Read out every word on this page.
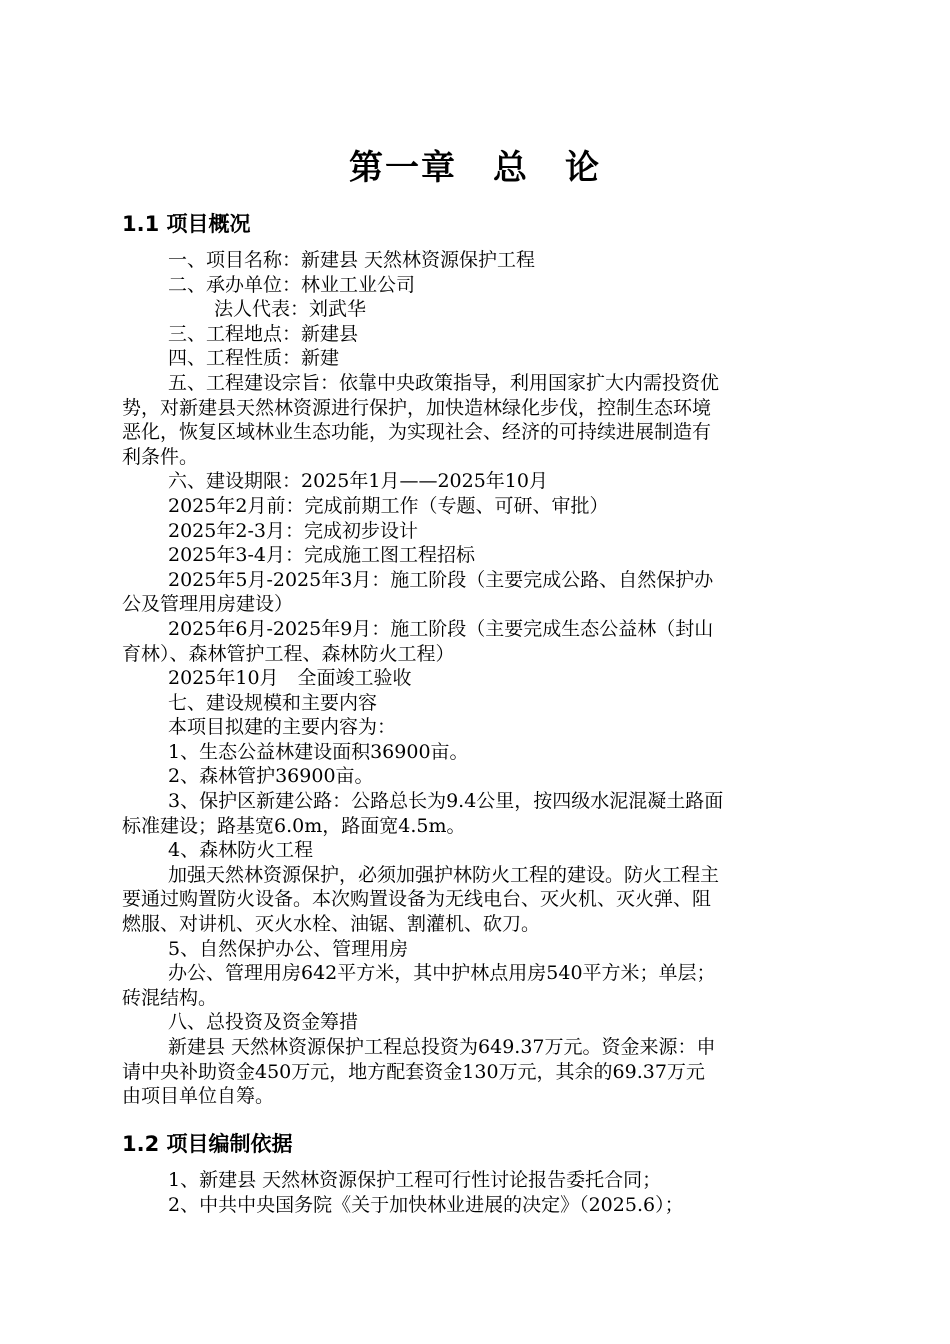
第一章　总　论
1.1 项目概况
一、项目名称：新建县 天然林资源保护工程
二、承办单位：林业工业公司
法人代表：刘武华
三、工程地点：新建县
四、工程性质：新建
五、工程建设宗旨：依靠中央政策指导，利用国家扩大内需投资优
势，对新建县天然林资源进行保护，加快造林绿化步伐，控制生态环境
恶化，恢复区域林业生态功能，为实现社会、经济的可持续进展制造有
利条件。
六、建设期限：2025年1月——2025年10月
2025年2月前：完成前期工作（专题、可研、审批）
2025年2-3月：完成初步设计
2025年3-4月：完成施工图工程招标
2025年5月-2025年3月：施工阶段（主要完成公路、自然保护办
公及管理用房建设）
2025年6月-2025年9月：施工阶段（主要完成生态公益林（封山
育林）、森林管护工程、森林防火工程）
2025年10月　全面竣工验收
七、建设规模和主要内容
本项目拟建的主要内容为：
1、生态公益林建设面积36900亩。
2、森林管护36900亩。
3、保护区新建公路：公路总长为9.4公里，按四级水泥混凝土路面
标准建设；路基宽6.0m，路面宽4.5m。
4、森林防火工程
加强天然林资源保护，必须加强护林防火工程的建设。防火工程主
要通过购置防火设备。本次购置设备为无线电台、灭火机、灭火弹、阻
燃服、对讲机、灭火水栓、油锯、割灌机、砍刀。
5、自然保护办公、管理用房
办公、管理用房642平方米，其中护林点用房540平方米；单层；
砖混结构。
八、总投资及资金筹措
新建县 天然林资源保护工程总投资为649.37万元。资金来源：申
请中央补助资金450万元，地方配套资金130万元，其余的69.37万元
由项目单位自筹。
1.2 项目编制依据
1、新建县 天然林资源保护工程可行性讨论报告委托合同；
2、中共中央国务院《关于加快林业进展的决定》（2025.6）；
